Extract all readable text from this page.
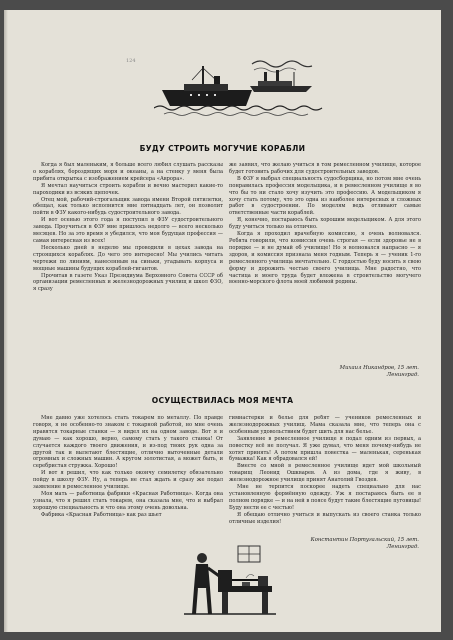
124
БУДУ СТРОИТЬ МОГУЧИЕ КОРАБЛИ

Когда я был маленьким, я больше всего любил слушать рассказы о кораблях, бороздящих моря и океаны, а на стенку у меня была прибита открытка с изображением крейсера «Аврора».

Я мечтал научиться строить корабли и вечно мастерил какие-то пароходики из всяких щепочек.

Отец мой, рабочий-строгальщик завода имени Второй пятилетки, обещал, как только исполнится мне пятнадцать лет, он позволит пойти в ФЗУ какого-нибудь судостроительного завода.

И вот осенью этого года я поступил в ФЗУ судостроительного завода. Проучиться в ФЗУ мне пришлось недолго — всего несколько месяцев. Но за это время я убедился, что моя будущая профессия — самая интересная из всех!

Несколько дней в неделю мы проводили в цехах завода на строящихся кораблях. До чего это интересно! Мы учились читать чертежи по линиям, нанесенным на синьки, угадывать корпуса и мощные машины будущих кораблей-гигантов.

Прочитав в газете Указ Президиума Верховного Совета СССР об организации ремесленных и железнодорожных училищ и школ ФЗО, я сразу

же заявил, что желаю учиться в том ремесленном училище, которое будет готовить рабочих для судостроительных заводов.

В ФЗУ я выбрал специальность судосборщика, но потом мне очень понравилась профессия модельщика, и в ремесленном училище я во что бы то ни стало хочу изучить это профессию. А модельщиком я хочу стать потому, что это одна из наиболее интересных и сложных работ в судостроении. По моделям ведь отливают самые ответственные части кораблей.

Я, конечно, постараюсь быть хорошим модельщиком. А для этого буду учиться только на отлично.

Когда я проходил врачебную комиссию, я очень волновался. Ребята говорили, что комиссия очень строгая — если здоровье не в порядке — и не думай об училище! Но я волновался напрасно — я здоров, и комиссия признала меня годным. Теперь я — ученик 1-го ремесленного училища мечтательно. С гордостью буду носить я свою форму и дорожить честью своего училища. Мне радостно, что частица и моего труда будет вложена в строительство могучего военно-морского флота моей любимой родины.

Михаил Никандров, 15 лет.
Ленинград.
ОСУЩЕСТВИЛАСЬ МОЯ МЕЧТА

Мне давно уже хотелось стать токарем по металлу. По правде говоря, я не особенно-то знаком с токарной работой, но мне очень нравятся токарные станки — я видел их на одном заводе. Вот я и думаю — как хорошо, верно, самому стать у такого станка! От случается каждого твоего движения, и из-под твоих рук одна за другой так и вылетают блестящие, отлично выточенные детали огромных и сложных машин. А кругом золотистая, а может быть, и серебристая стружка. Хорошо!

И вот я решил, что как только окончу семилетку обязательно пойду в школу ФЗУ. Ну, а теперь не стал ждать и сразу же подал заявление в ремесленное училище.

Моя мать — работница фабрики «Красная Работница». Когда она узнала, что я решил стать токарем, она сказала мне, что и выбрал хорошую специальность и что она этому очень довольна.

Фабрика «Красная Работница» как раз шьет

гимнастерки и белье для ребят — учеников ремесленных и железнодорожных училищ. Мама сказала мне, что теперь она с особенным удовольствием будет шить для нас белье.

Заявление в ремесленное училище я подал одним из первых, а повестку всё не получал. Я уже думал, что меня почему-нибудь не хотят принять! А потом пришла повестка — маленькая, серенькая бумажка! Как я обрадовался ей!

Вместе со мной в ремесленное училище идет мой школьный товарищ Леонид Ошкварев. А из дома, где я живу, в железнодорожное училище принят Анатолий Гвоздев.

Мне не терпится поскорее надеть специально для нас установленную формённую одежду. Уж я постараюсь быть ее в полном порядке — и на ней в поясе будут такие блестящие пуговицы! Буду нести ее с честью!

Я обещаю отлично учиться и выпускать из своего станка только отличные изделия!

Константин Португальский, 15 лет.
Ленинград.
